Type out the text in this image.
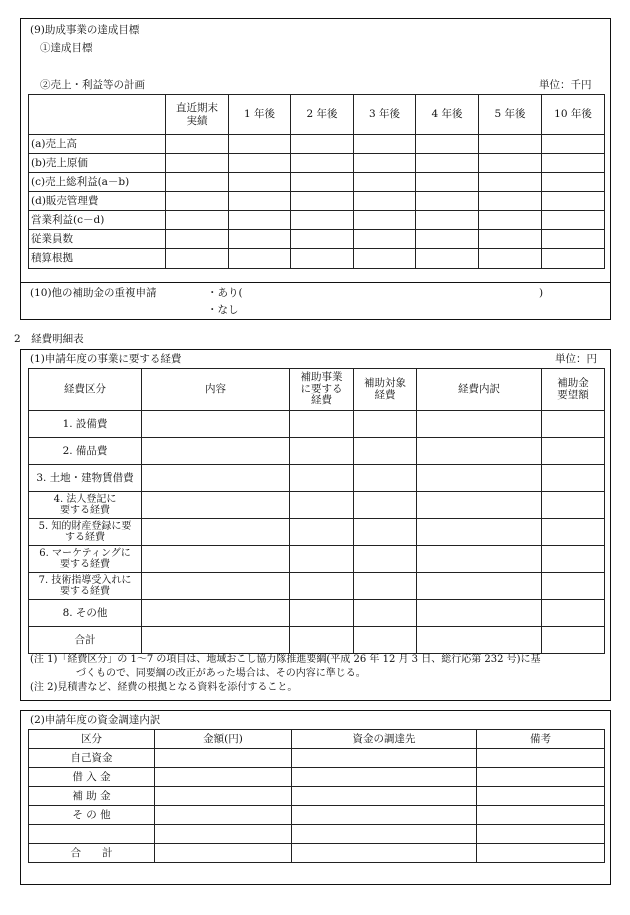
(9)助成事業の達成目標
①達成目標
②売上・利益等の計画	単位：千円
	直近期末
実績	1 年後	2 年後	3 年後	4 年後	5 年後	10 年後
(a)売上高							
(b)売上原価							
(c)売上総利益(a－b)							
(d)販売管理費							
営業利益(c－d)							
従業員数							
積算根拠							
(10)他の補助金の重複申請	・あり(	)
・なし
2　経費明細表
(1)申請年度の事業に要する経費	単位：円
経費区分	内容	補助事業
に要する
経費	補助対象
経費	経費内訳	補助金
要望額
1. 設備費					
2. 備品費					
3. 土地・建物賃借費					
4. 法人登記に
要する経費					
5. 知的財産登録に要
する経費					
6. マーケティングに
要する経費					
7. 技術指導受入れに
要する経費					
8. その他					
合計					
(注 1)「経費区分」の 1～7 の項目は、地域おこし協力隊推進要綱(平成 26 年 12 月 3 日、総行応第 232 号)に基
づくもので、同要綱の改正があった場合は、その内容に準じる。
(注 2)見積書など、経費の根拠となる資料を添付すること。
(2)申請年度の資金調達内訳
区分	金額(円)	資金の調達先	備考
自己資金			
借 入 金			
補 助 金			
そ の 他			

合　　計			
